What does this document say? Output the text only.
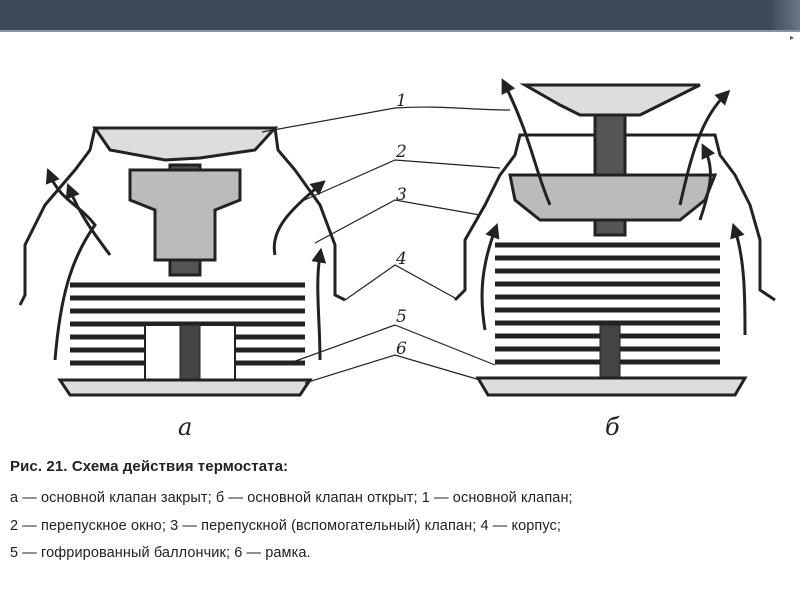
▸
1
2
3
4
5
6
а	б
Рис. 21. Схема действия термостата:
а — основной клапан закрыт; б — основной клапан открыт; 1 — основной клапан;
2 — перепускное окно; 3 — перепускной (вспомогательный) клапан; 4 — корпус;
5 — гофрированный баллончик; 6 — рамка.
